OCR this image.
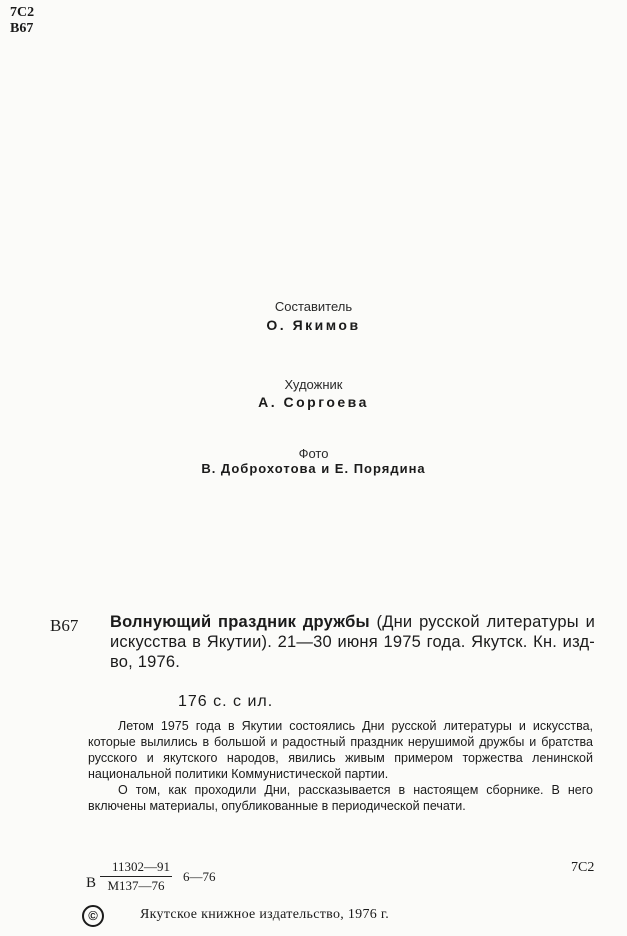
7С2
В67
Составитель
О. Якимов
Художник
А. Соргоева
Фото
В. Доброхотова и Е. Порядина
В67 Волнующий праздник дружбы (Дни русской литературы и искусства в Якутии). 21—30 июня 1975 года. Якутск. Кн. изд-во, 1976.
176 с. с ил.

Летом 1975 года в Якутии состоялись Дни русской литературы и искусства, которые вылились в большой и радостный праздник нерушимой дружбы и братства русского и якутского народов, явились живым примером торжества ленинской национальной политики Коммунистической партии.

О том, как проходили Дни, рассказывается в настоящем сборнике. В него включены материалы, опубликованные в периодической печати.

В
11302—91
М137—76
6—76
7С2
©	Якутское книжное издательство, 1976 г.
